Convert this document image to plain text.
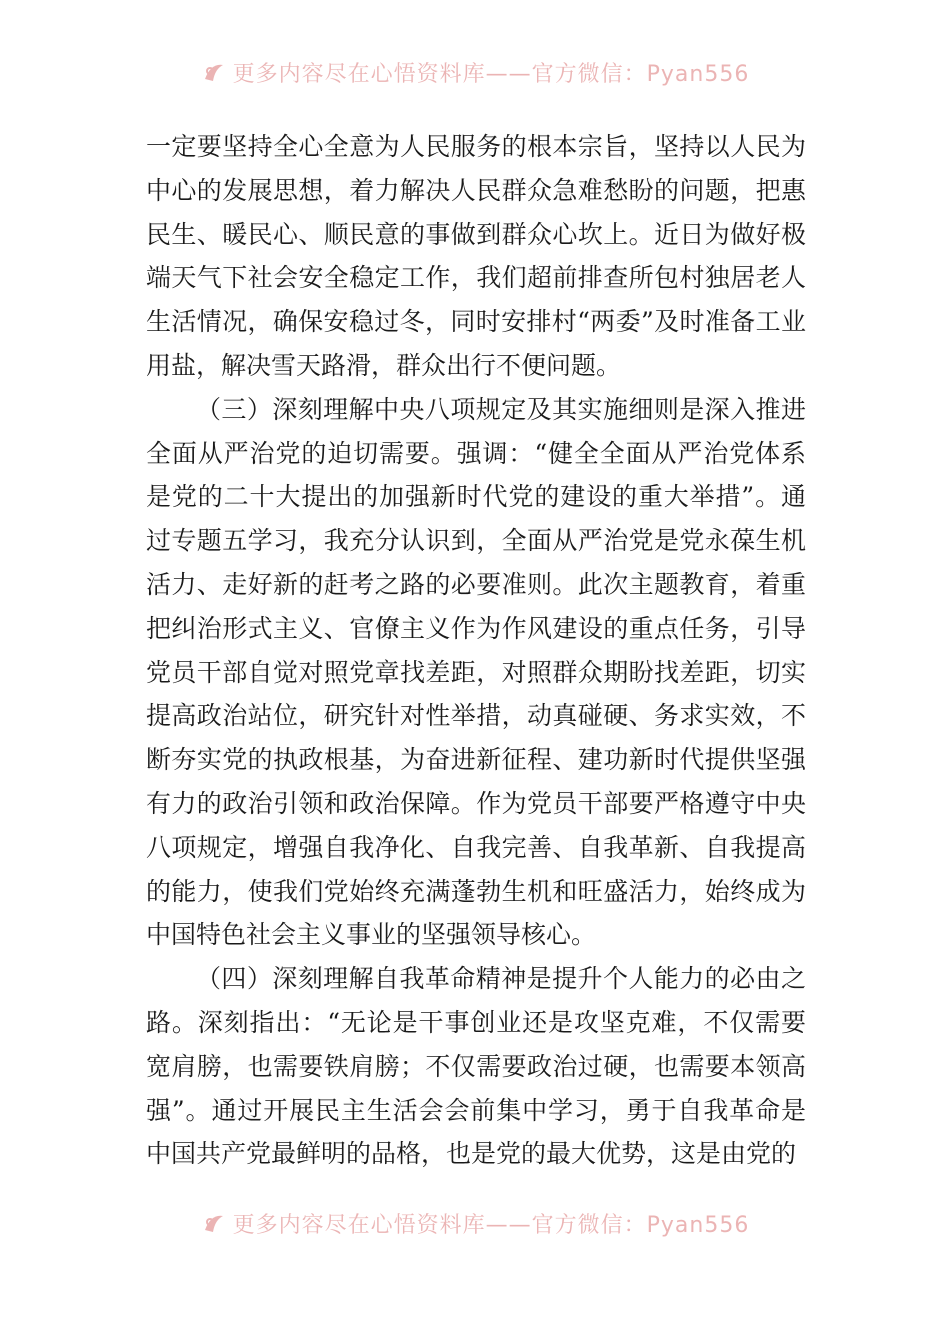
更多内容尽在心悟资料库——官方微信：Pyan556

一定要坚持全心全意为人民服务的根本宗旨，坚持以人民为中心的发展思想，着力解决人民群众急难愁盼的问题，把惠民生、暖民心、顺民意的事做到群众心坎上。近日为做好极端天气下社会安全稳定工作，我们超前排查所包村独居老人生活情况，确保安稳过冬，同时安排村“两委”及时准备工业用盐，解决雪天路滑，群众出行不便问题。

（三）深刻理解中央八项规定及其实施细则是深入推进全面从严治党的迫切需要。强调：“健全全面从严治党体系是党的二十大提出的加强新时代党的建设的重大举措”。通过专题五学习，我充分认识到，全面从严治党是党永葆生机活力、走好新的赶考之路的必要准则。此次主题教育，着重把纠治形式主义、官僚主义作为作风建设的重点任务，引导党员干部自觉对照党章找差距，对照群众期盼找差距，切实提高政治站位，研究针对性举措，动真碰硬、务求实效，不断夯实党的执政根基，为奋进新征程、建功新时代提供坚强有力的政治引领和政治保障。作为党员干部要严格遵守中央八项规定，增强自我净化、自我完善、自我革新、自我提高的能力，使我们党始终充满蓬勃生机和旺盛活力，始终成为中国特色社会主义事业的坚强领导核心。

（四）深刻理解自我革命精神是提升个人能力的必由之路。深刻指出：“无论是干事创业还是攻坚克难，不仅需要宽肩膀，也需要铁肩膀；不仅需要政治过硬，也需要本领高强”。通过开展民主生活会会前集中学习，勇于自我革命是中国共产党最鲜明的品格，也是党的最大优势，这是由党的

更多内容尽在心悟资料库——官方微信：Pyan556
